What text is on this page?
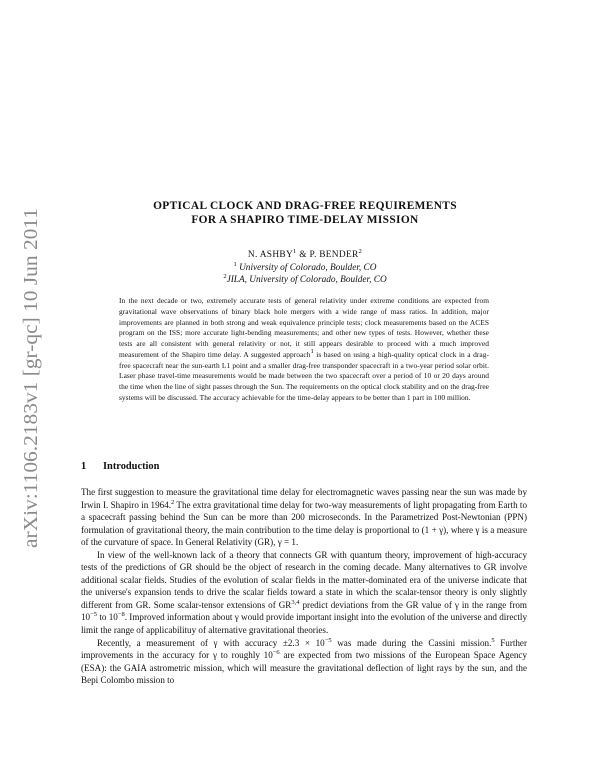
arXiv:1106.2183v1 [gr-qc] 10 Jun 2011
OPTICAL CLOCK AND DRAG-FREE REQUIREMENTS
FOR A SHAPIRO TIME-DELAY MISSION
N. ASHBY$^1$ & P. BENDER$^2$
$^1$ University of Colorado, Boulder, CO
$^2$JILA, University of Colorado, Boulder, CO
In the next decade or two, extremely accurate tests of general relativity under extreme conditions are expected from gravitational wave observations of binary black hole mergers with a wide range of mass ratios. In addition, major improvements are planned in both strong and weak equivalence principle tests; clock measurements based on the ACES program on the ISS; more accurate light-bending measurements; and other new types of tests. However, whether these tests are all consistent with general relativity or not, it still appears desirable to proceed with a much improved measurement of the Shapiro time delay. A suggested approach$^1$ is based on using a high-quality optical clock in a drag-free spacecraft near the sun-earth L1 point and a smaller drag-free transponder spacecraft in a two-year period solar orbit. Laser phase travel-time measurements would be made between the two spacecraft over a period of 10 or 20 days around the time when the line of sight passes through the Sun. The requirements on the optical clock stability and on the drag-free systems will be discussed. The accuracy achievable for the time-delay appears to be better than 1 part in 100 million.
1 Introduction

The first suggestion to measure the gravitational time delay for electromagnetic waves passing near the sun was made by Irwin I. Shapiro in 1964.$^2$ The extra gravitational time delay for two-way measurements of light propagating from Earth to a spacecraft passing behind the Sun can be more than 200 microseconds. In the Parametrized Post-Newtonian (PPN) formulation of gravitational theory, the main contribution to the time delay is proportional to (1 + γ), where γ is a measure of the curvature of space. In General Relativity (GR), γ = 1.

In view of the well-known lack of a theory that connects GR with quantum theory, improvement of high-accuracy tests of the predictions of GR should be the object of research in the coming decade. Many alternatives to GR involve additional scalar fields. Studies of the evolution of scalar fields in the matter-dominated era of the universe indicate that the universe's expansion tends to drive the scalar fields toward a state in which the scalar-tensor theory is only slightly different from GR. Some scalar-tensor extensions of GR$^{3,4}$ predict deviations from the GR value of γ in the range from $10^{-5}$ to $10^{-8}$. Improved information about γ would provide important insight into the evolution of the universe and directly limit the range of applicabilituy of alternative gravitational theories.

Recently, a measurement of γ with accuracy $\pm 2.3 \times 10^{-5}$ was made during the Cassini mission.$^5$ Further improvements in the accuracy for γ to roughly $10^{-6}$ are expected from two missions of the European Space Agency (ESA): the GAIA astrometric mission, which will measure the gravitational deflection of light rays by the sun, and the Bepi Colombo mission to
